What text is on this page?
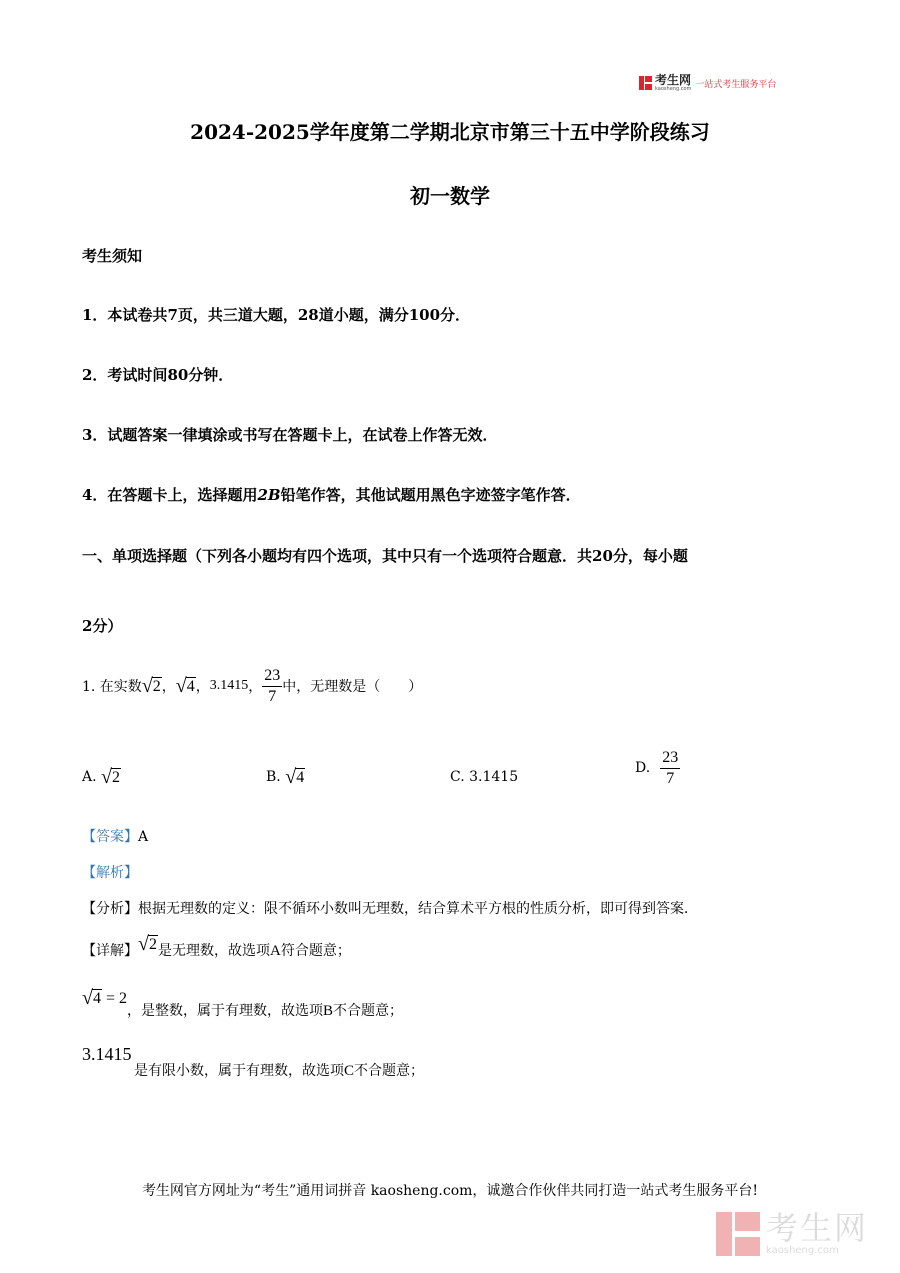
考生网
kaosheng.com 一站式考生服务平台
2024-2025学年度第二学期北京市第三十五中学阶段练习
初一数学
考生须知
1．本试卷共7页，共三道大题，28道小题，满分100分．
2．考试时间80分钟．
3．试题答案一律填涂或书写在答题卡上，在试卷上作答无效．
4．在答题卡上，选择题用2B铅笔作答，其他试题用黑色字迹签字笔作答．
一、单项选择题（下列各小题均有四个选项，其中只有一个选项符合题意．共20分，每小题
2分）
1. 在实数 √ 2 ， √ 4 ， 3.1415 ， $\frac{23}{7}$ 中，无理数是（　　）
A.
√ 2	B.
√ 4	C.
3.1415
D. $\frac{23}{7}$
【答案】A
【解析】
【分析】根据无理数的定义：限不循环小数叫无理数，结合算术平方根的性质分析，即可得到答案．
【详解】 √ 2 是无理数，故选项 A 符合题意；
√ 4 = 2
，是整数，属于有理数，故选项 B 不合题意；
3.1415
是有限小数，属于有理数，故选项C不合题意；
考生网官方网址为“考生”通用词拼音 kaosheng.com，诚邀合作伙伴共同打造一站式考生服务平台!
考生网
kaosheng.com
